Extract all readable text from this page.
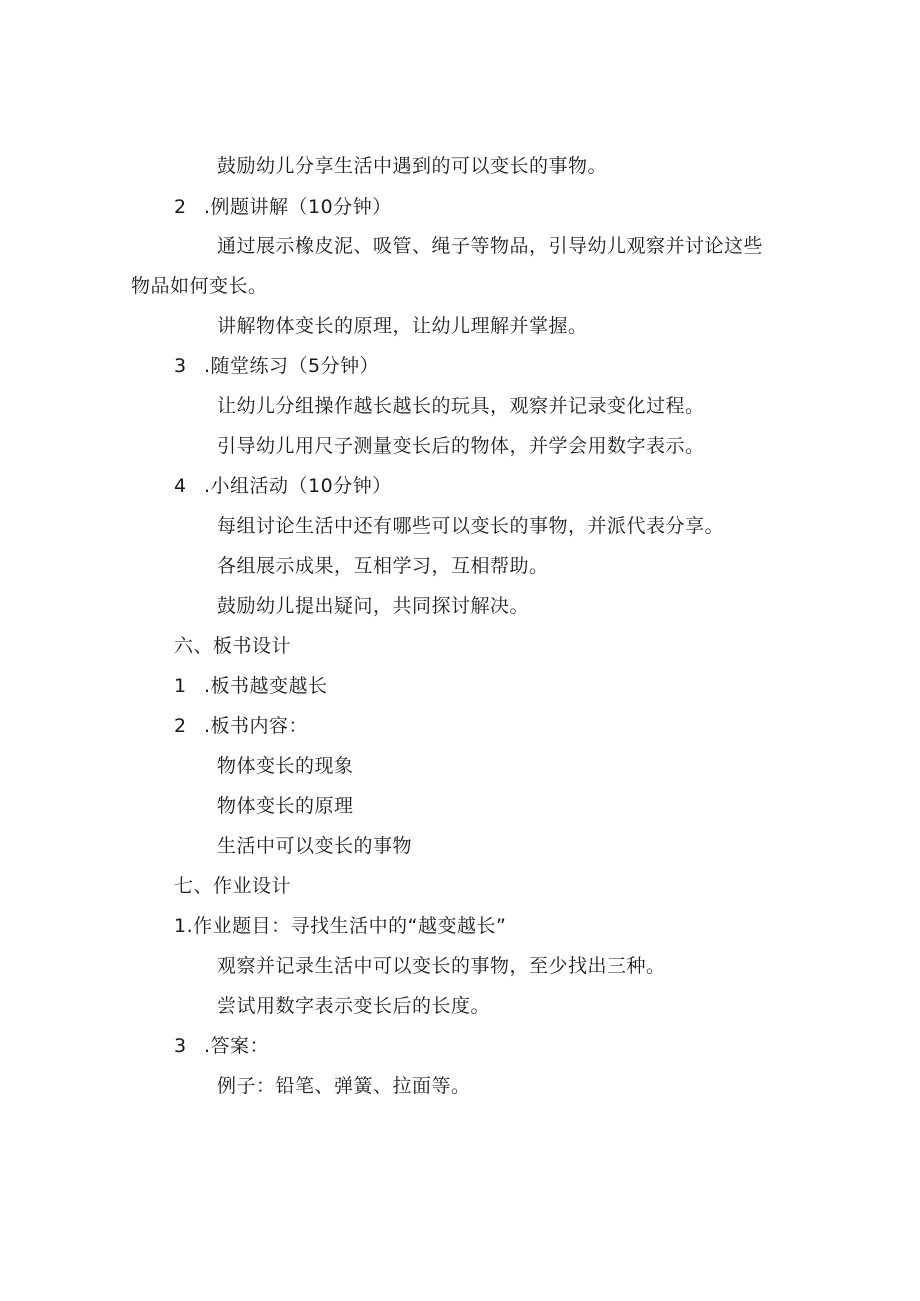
鼓励幼儿分享生活中遇到的可以变长的事物。
2 .例题讲解（10分钟）
通过展示橡皮泥、吸管、绳子等物品，引导幼儿观察并讨论这些
物品如何变长。
讲解物体变长的原理，让幼儿理解并掌握。
3 .随堂练习（5分钟）
让幼儿分组操作越长越长的玩具，观察并记录变化过程。
引导幼儿用尺子测量变长后的物体，并学会用数字表示。
4 .小组活动（10分钟）
每组讨论生活中还有哪些可以变长的事物，并派代表分享。
各组展示成果，互相学习，互相帮助。
鼓励幼儿提出疑问，共同探讨解决。
六、板书设计
1 .板书越变越长
2 .板书内容：
物体变长的现象
物体变长的原理
生活中可以变长的事物
七、作业设计
1.作业题目：寻找生活中的“越变越长”
观察并记录生活中可以变长的事物，至少找出三种。
尝试用数字表示变长后的长度。
3 .答案：
例子：铅笔、弹簧、拉面等。
